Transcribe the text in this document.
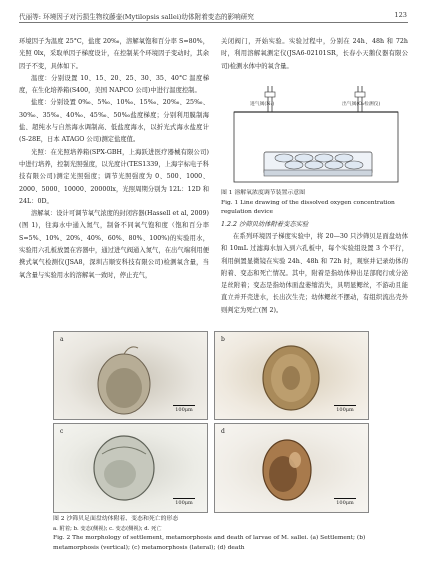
代丽等: 环境因子对污损生物纹藤壶(Mytilopsis sallei)幼体附着变态的影响研究	123

环境因子为温度 25°C，盐度 20‰，溶解氧饱和百分率 S=80%，光照 0lx，采取单因子梯度设计，在控制某个环境因子变动时，其余因子不变，具体如下。

温度：分别设置 10、15、20、25、30、35、40°C 温度梯度，在生化培养箱(S400，美国 NAPCO 公司)中进行温度控制。

盐度：分别设置 0‰、5‰、10‰、15‰、20‰、25‰、30‰、35‰、40‰、45‰、50‰盐度梯度；分别利用膜制海盐、超纯水与自然海水调制高、低盐度海水，以折光式海水盐度计(S-28E，日本 ATAGO 公司)测定盐度值。

光照：在光照培养箱(SPX-GBH，上海跃进医疗器械有限公司)中进行培养，控制光照强度，以光度计(TES1339，上海宇标电子科技有限公司)测定光照强度；调节光照强度为 0、500、1000、2000、5000、10000、20000lx，光照周期分别为 12L：12D 和 24L：0D。

溶解氧：设计可调节氧气浓度的封闭容器(Hassell et al, 2009)(图 1)，往海水中通入氮气，制备不同氧气饱和度（饱和百分率 S=5%、10%、20%、40%、60%、80%、100%)的实验用水，实验用六孔板放置在容器中，通过进气阀通入氮气，在出气端利用便携式氧气检测仪(JSA8，深圳吉顺安科技有限公司)检测氧含量，当氧含量与实验用水的溶解氧一致时，停止充气，

关闭阀门，开始实验。实验过程中，分别在 24h、48h 和 72h 时，利用溶解氧测定仪(JSA6-02101SR，长春小天鹅仪器有限公司)检测水体中的氧含量。
进气阀(N₂)	出气阀(O₂检测仪)
图 1 溶解氧浓度调节装置示意图
Fig. 1 Line drawing of the dissolved oxygen concentration regulation device
1.2.2 沙筛贝幼体附着变态实验
在系列环境因子梯度实验中，将 20—30 只沙筛贝足面盘幼体和 10mL 过滤海水加入到六孔板中，每个实验组设置 3 个平行，利用倒置显微镜在实验 24h、48h 和 72h 时，观察并记录幼体的附着、变态和死亡情况。其中，附着是指幼体伸出足部爬行或分泌足丝附着；变态是指幼体面盘萎缩消失，具明显鳃丝，不游动且能直立并开壳进水，长出次生壳；幼体鳃丝不摆动，有组织流出壳外则判定为死亡(图 2)。
a
100μm
b
100μm
c
100μm
d
100μm
图 2 沙筛贝足面盘幼体附着、变态和死亡的形态
a. 附着; b. 变态(侧视); c. 变态(侧视); d. 死亡
Fig. 2 The morphology of settlement, metamorphosis and death of larvae of M. sallei. (a) Settlement; (b) metamorphosis (vertical); (c) metamorphosis (lateral); (d) death
